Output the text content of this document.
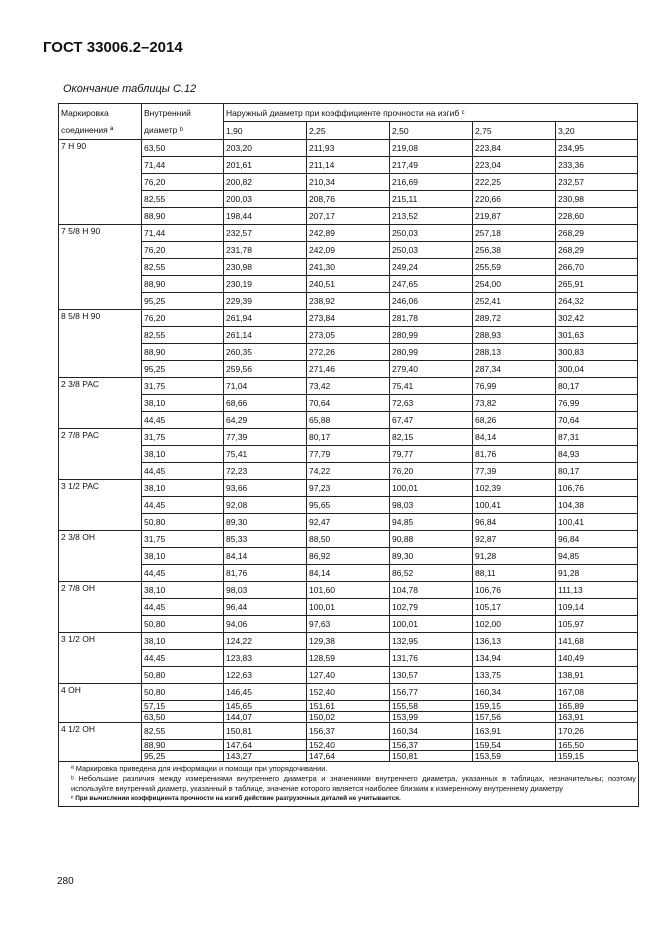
ГОСТ 33006.2–2014
Окончание таблицы С.12
Маркировка	Внутренний	Наружный диаметр при коэффициенте прочности на изгиб ᶜ				
соединения ª	диаметр ᵇ	1,90	2,25	2,50	2,75	3,20
7 Н 90	63,50	203,20	211,93	219,08	223,84	234,95
	71,44	201,61	211,14	217,49	223,04	233,36
	76,20	200,82	210,34	216,69	222,25	232,57
	82,55	200,03	208,76	215,11	220,66	230,98
	88,90	198,44	207,17	213,52	219,87	228,60
7 5/8 Н 90	71,44	232,57	242,89	250,03	257,18	268,29
	76,20	231,78	242,09	250,03	256,38	268,29
	82,55	230,98	241,30	249,24	255,59	266,70
	88,90	230,19	240,51	247,65	254,00	265,91
	95,25	229,39	238,92	246,06	252,41	264,32
8 5/8 Н 90	76,20	261,94	273,84	281,78	289,72	302,42
	82,55	261,14	273,05	280,99	288,93	301,63
	88,90	260,35	272,26	280,99	288,13	300,83
	95,25	259,56	271,46	279,40	287,34	300,04
2 3/8 РАС	31,75	71,04	73,42	75,41	76,99	80,17
	38,10	68,66	70,64	72,63	73,82	76,99
	44,45	64,29	65,88	67,47	68,26	70,64
2 7/8 РАС	31,75	77,39	80,17	82,15	84,14	87,31
	38,10	75,41	77,79	79,77	81,76	84,93
	44,45	72,23	74,22	76,20	77,39	80,17
3 1/2 РАС	38,10	93,66	97,23	100,01	102,39	106,76
	44,45	92,08	95,65	98,03	100,41	104,38
	50,80	89,30	92,47	94,85	96,84	100,41
2 3/8 ОН	31,75	85,33	88,50	90,88	92,87	96,84
	38,10	84,14	86,92	89,30	91,28	94,85
	44,45	81,76	84,14	86,52	88,11	91,28
2 7/8 ОН	38,10	98,03	101,60	104,78	106,76	111,13
	44,45	96,44	100,01	102,79	105,17	109,14
	50,80	94,06	97,63	100,01	102,00	105,97
3 1/2 ОН	38,10	124,22	129,38	132,95	136,13	141,68
	44,45	123,83	128,59	131,76	134,94	140,49
	50,80	122,63	127,40	130,57	133,75	138,91
4 ОН	50,80	146,45	152,40	156,77	160,34	167,08
	57,15	145,65	151,61	155,58	159,15	165,89
	63,50	144,07	150,02	153,99	157,56	163,91
4 1/2 ОН	82,55	150,81	156,37	160,34	163,91	170,26
	88,90	147,64	152,40	156,37	159,54	165,50
	95,25	143,27	147,64	150,81	153,59	159,15

ª Маркировка приведена для информации и помощи при упорядочивании.

ᵇ Небольшие различия между измерениями внутреннего диаметра и значениями внутреннего диаметра, указанных в таблицах, незначительны; поэтому используйте внутренний диаметр, указанный в таблице, значение которого является наиболее близким к измеренному внутреннему диаметру

ᶜ При вычислении коэффициента прочности на изгиб действие разгрузочных деталей не учитывается.

280
